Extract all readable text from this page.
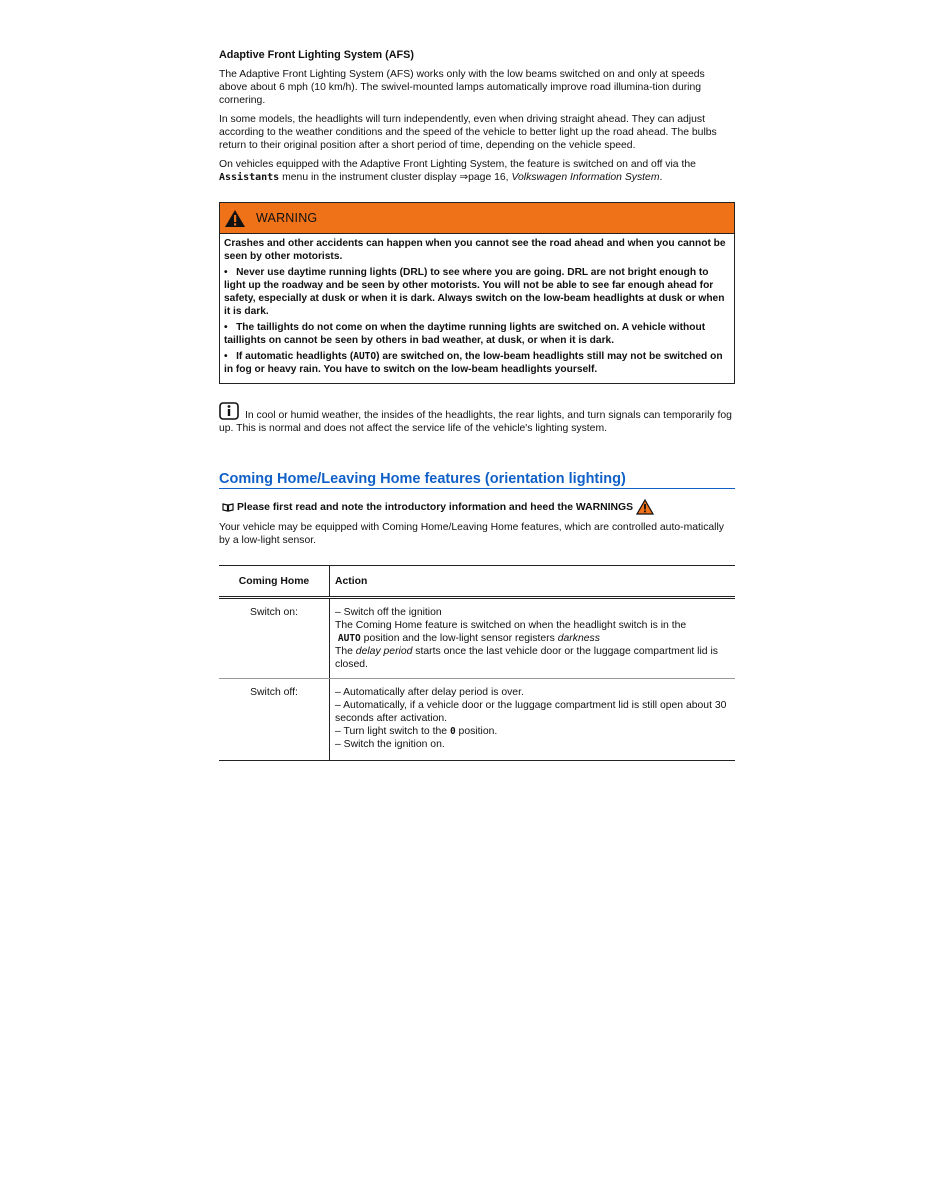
Adaptive Front Lighting System (AFS)

The Adaptive Front Lighting System (AFS) works only with the low beams switched on and only at speeds above about 6 mph (10 km/h). The swivel-mounted lamps automatically improve road illumina-tion during cornering.

In some models, the headlights will turn independently, even when driving straight ahead. They can adjust according to the weather conditions and the speed of the vehicle to better light up the road ahead. The bulbs return to their original position after a short period of time, depending on the vehicle speed.

On vehicles equipped with the Adaptive Front Lighting System, the feature is switched on and off via the Assistants menu in the instrument cluster display ⇒page 16, Volkswagen Information System.

WARNING

Crashes and other accidents can happen when you cannot see the road ahead and when you cannot be seen by other motorists.

•   Never use daytime running lights (DRL) to see where you are going. DRL are not bright enough to light up the roadway and be seen by other motorists. You will not be able to see far enough ahead for safety, especially at dusk or when it is dark. Always switch on the low-beam headlights at dusk or when it is dark.

•   The taillights do not come on when the daytime running lights are switched on. A vehicle without taillights on cannot be seen by others in bad weather, at dusk, or when it is dark.

•   If automatic headlights (AUTO) are switched on, the low-beam headlights still may not be switched on in fog or heavy rain. You have to switch on the low-beam headlights yourself.

In cool or humid weather, the insides of the headlights, the rear lights, and turn signals can temporarily fog up. This is normal and does not affect the service life of the vehicle's lighting system.
Coming Home/Leaving Home features (orientation lighting)
Please first read and note the introductory information and heed the WARNINGS

Your vehicle may be equipped with Coming Home/Leaving Home features, which are controlled auto-matically by a low-light sensor.

Coming Home	Action
Switch on:	– Switch off the ignition
The Coming Home feature is switched on when the headlight switch is in the
AUTO position and the low-light sensor registers darkness
The delay period starts once the last vehicle door or the luggage compartment lid is closed.

Switch off:	– Automatically after delay period is over.
– Automatically, if a vehicle door or the luggage compartment lid is still open about 30 seconds after activation.
– Turn light switch to the 0 position.
– Switch the ignition on.
